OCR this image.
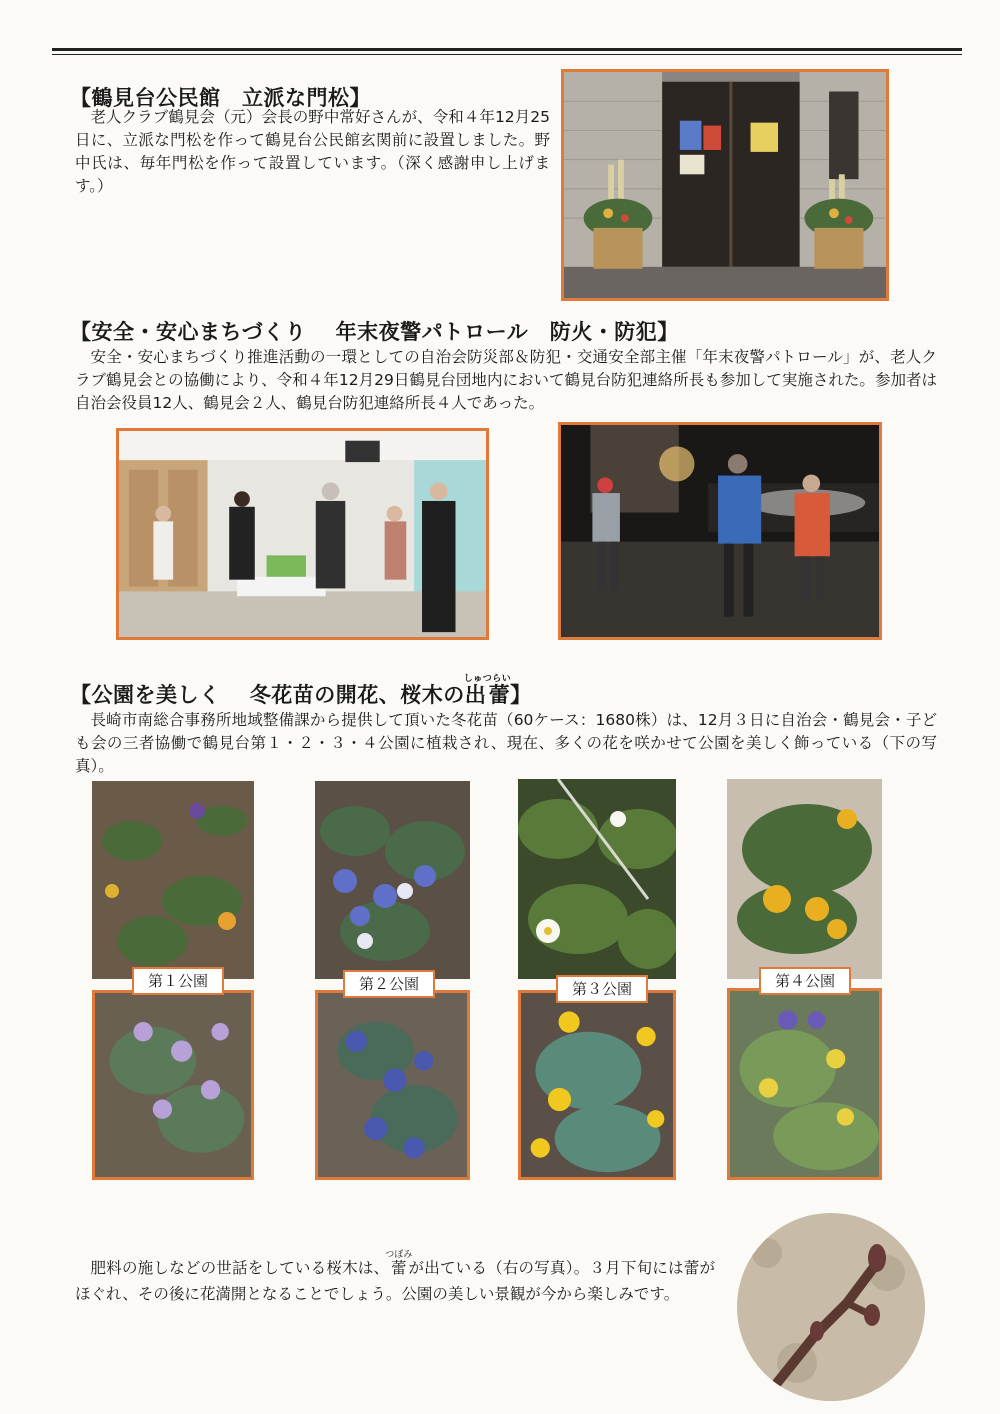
【鶴見台公民館　立派な門松】

老人クラブ鶴見会（元）会長の野中常好さんが、令和４年12月25日に、立派な門松を作って鶴見台公民館玄関前に設置しました。野中氏は、毎年門松を作って設置しています。（深く感謝申し上げます。）

【安全・安心まちづくり　 年末夜警パトロール　防火・防犯】

安全・安心まちづくり推進活動の一環としての自治会防災部＆防犯・交通安全部主催「年末夜警パトロール」が、老人クラブ鶴見会との協働により、令和４年12月29日鶴見台団地内において鶴見台防犯連絡所長も参加して実施された。参加者は自治会役員12人、鶴見会２人、鶴見台防犯連絡所長４人であった。

【公園を美しく　 冬花苗の開花、桜木の出蕾しゅつらい】

長崎市南総合事務所地域整備課から提供して頂いた冬花苗（60ケース：1680株）は、12月３日に自治会・鶴見会・子ども会の三者協働で鶴見台第１・２・３・４公園に植栽され、現在、多くの花を咲かせて公園を美しく飾っている（下の写真）。

第１公園	第２公園	第３公園	第４公園

肥料の施しなどの世話をしている桜木は、蕾つぼみが出ている（右の写真）。３月下旬には蕾がほぐれ、その後に花満開となることでしょう。公園の美しい景観が今から楽しみです。
